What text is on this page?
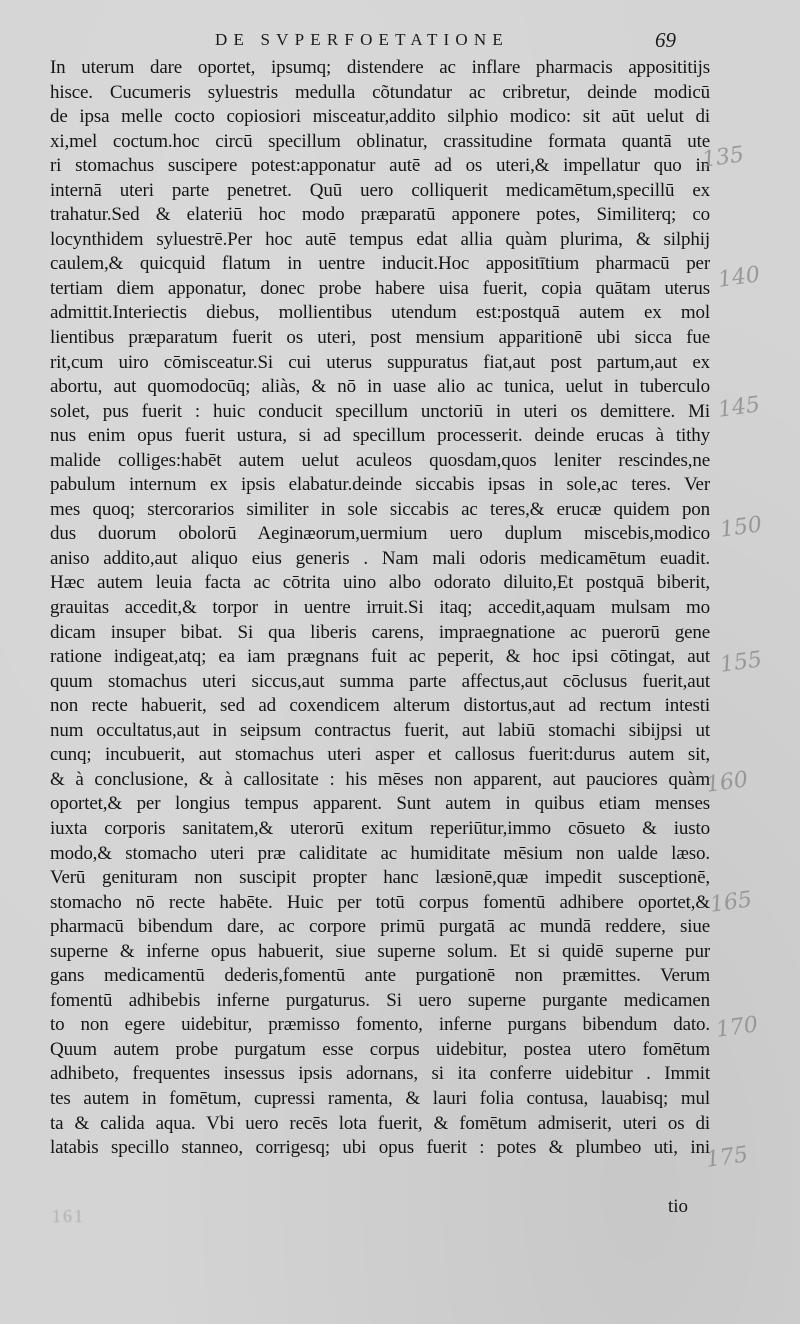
DE SVPERFOETATIONE	69
In uterum dare oportet, ipsumq; distendere ac inflare pharmacis apposititijs
hisce. Cucumeris syluestris medulla cõtundatur ac cribretur, deinde modicū
de ipsa melle cocto copiosiori misceatur,addito silphio modico: sit aūt uelut di
xi,mel coctum.hoc circū specillum oblinatur, crassitudine formata quantā ute
ri stomachus suscipere potest:apponatur autē ad os uteri,& impellatur quo in
internā uteri parte penetret. Quū uero colliquerit medicamētum,specillū ex
trahatur.Sed & elateriū hoc modo præparatū apponere potes, Similiterq; co
locynthidem syluestrē.Per hoc autē tempus edat allia quàm plurima, & silphij
caulem,& quicquid flatum in uentre inducit.Hoc appositītium pharmacū per
tertiam diem apponatur, donec probe habere uisa fuerit, copia quātam uterus
admittit.Interiectis diebus, mollientibus utendum est:postquā autem ex mol
lientibus præparatum fuerit os uteri, post mensium apparitionē ubi sicca fue
rit,cum uiro cōmisceatur.Si cui uterus suppuratus fiat,aut post partum,aut ex
abortu, aut quomodocūq; aliàs, & nō in uase alio ac tunica, uelut in tuberculo
solet, pus fuerit : huic conducit specillum unctoriū in uteri os demittere. Mi
nus enim opus fuerit ustura, si ad specillum processerit. deinde erucas à tithy
malide colliges:habēt autem uelut aculeos quosdam,quos leniter rescindes,ne
pabulum internum ex ipsis elabatur.deinde siccabis ipsas in sole,ac teres. Ver
mes quoq; stercorarios similiter in sole siccabis ac teres,& erucæ quidem pon
dus duorum obolorū Aeginæorum,uermium uero duplum miscebis,modico
aniso addito,aut aliquo eius generis . Nam mali odoris medicamētum euadit.
Hæc autem leuia facta ac cōtrita uino albo odorato diluito,Et postquā biberit,
grauitas accedit,& torpor in uentre irruit.Si itaq; accedit,aquam mulsam mo
dicam insuper bibat. Si qua liberis carens, impraegnatione ac puerorū gene
ratione indigeat,atq; ea iam prægnans fuit ac peperit, & hoc ipsi cōtingat, aut
quum stomachus uteri siccus,aut summa parte affectus,aut cōclusus fuerit,aut
non recte habuerit, sed ad coxendicem alterum distortus,aut ad rectum intesti
num occultatus,aut in seipsum contractus fuerit, aut labiū stomachi sibijpsi ut
cunq; incubuerit, aut stomachus uteri asper et callosus fuerit:durus autem sit,
& à conclusione, & à callositate : his mēses non apparent, aut pauciores quàm
oportet,& per longius tempus apparent. Sunt autem in quibus etiam menses
iuxta corporis sanitatem,& uterorū exitum reperiūtur,immo cōsueto & iusto
modo,& stomacho uteri præ caliditate ac humiditate mēsium non ualde læso.
Verū genituram non suscipit propter hanc læsionē,quæ impedit susceptionē,
stomacho nō recte habēte. Huic per totū corpus fomentū adhibere oportet,&
pharmacū bibendum dare, ac corpore primū purgatā ac mundā reddere, siue
superne & inferne opus habuerit, siue superne solum. Et si quidē superne pur
gans medicamentū dederis,fomentū ante purgationē non præmittes. Verum
fomentū adhibebis inferne purgaturus. Si uero superne purgante medicamen
to non egere uidebitur, præmisso fomento, inferne purgans bibendum dato.
Quum autem probe purgatum esse corpus uidebitur, postea utero fomētum
adhibeto, frequentes insessus ipsis adornans, si ita conferre uidebitur . Immit
tes autem in fomētum, cupressi ramenta, & lauri folia contusa, lauabisq; mul
ta & calida aqua. Vbi uero recēs lota fuerit, & fomētum admiserit, uteri os di
latabis specillo stanneo, corrigesq; ubi opus fuerit : potes & plumbeo uti, ini
tio
135
140
145
150
155
160
165
170
175
161
